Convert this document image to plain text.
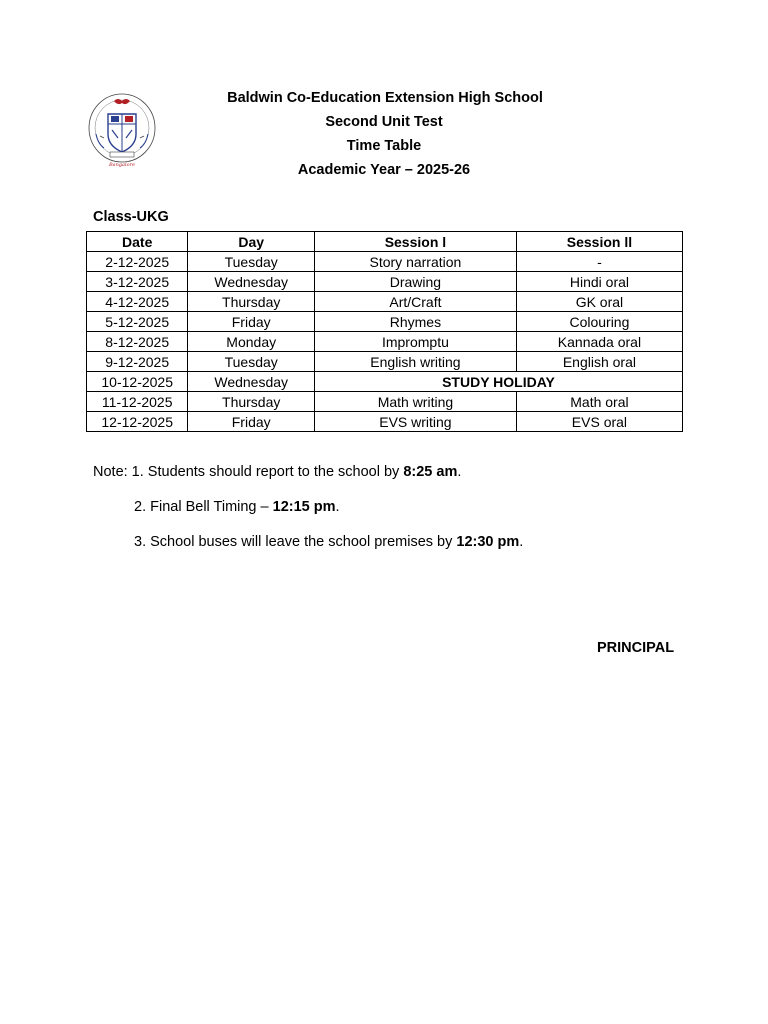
Bangalore
Baldwin Co-Education Extension High School
Second Unit Test
Time Table
Academic Year – 2025-26
Class-UKG
Date	Day	Session l	Session ll
2-12-2025	Tuesday	Story narration	-
3-12-2025	Wednesday	Drawing	Hindi oral
4-12-2025	Thursday	Art/Craft	GK oral
5-12-2025	Friday	Rhymes	Colouring
8-12-2025	Monday	Impromptu	Kannada oral
9-12-2025	Tuesday	English writing	English oral
10-12-2025	Wednesday	STUDY HOLIDAY	
11-12-2025	Thursday	Math writing	Math oral
12-12-2025	Friday	EVS writing	EVS oral
Note: 1. Students should report to the school by 8:25 am.
2. Final Bell Timing – 12:15 pm.
3. School buses will leave the school premises by 12:30 pm.
PRINCIPAL
